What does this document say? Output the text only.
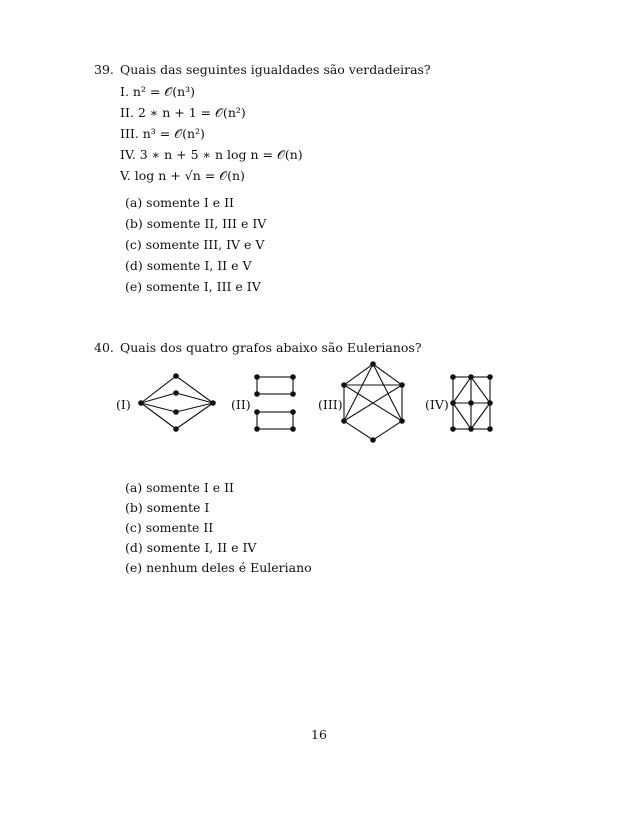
39. Quais das seguintes igualdades são verdadeiras?
I. n² = 𝒪(n³)
II. 2 ∗ n + 1 = 𝒪(n²)
III. n³ = 𝒪(n²)
IV. 3 ∗ n + 5 ∗ n log n = 𝒪(n)
V. log n + √n = 𝒪(n)
(a) somente I e II
(b) somente II, III e IV
(c) somente III, IV e V
(d) somente I, II e V
(e) somente I, III e IV
40. Quais dos quatro grafos abaixo são Eulerianos?
(I)	(II)	(III)	(IV)
(a) somente I e II
(b) somente I
(c) somente II
(d) somente I, II e IV
(e) nenhum deles é Euleriano
16
